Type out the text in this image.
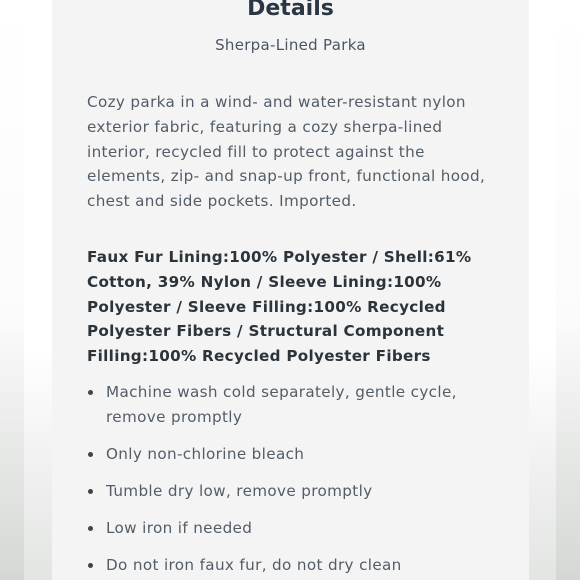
Details

Sherpa-Lined Parka

Cozy parka in a wind- and water-resistant nylon exterior fabric, featuring a cozy sherpa-lined interior, recycled fill to protect against the elements, zip- and snap-up front, functional hood, chest and side pockets. Imported.

Faux Fur Lining:100% Polyester / Shell:61% Cotton, 39% Nylon / Sleeve Lining:100% Polyester / Sleeve Filling:100% Recycled Polyester Fibers / Structural Component Filling:100% Recycled Polyester Fibers

Machine wash cold separately, gentle cycle, remove promptly
Only non-chlorine bleach
Tumble dry low, remove promptly
Low iron if needed
Do not iron faux fur, do not dry clean
